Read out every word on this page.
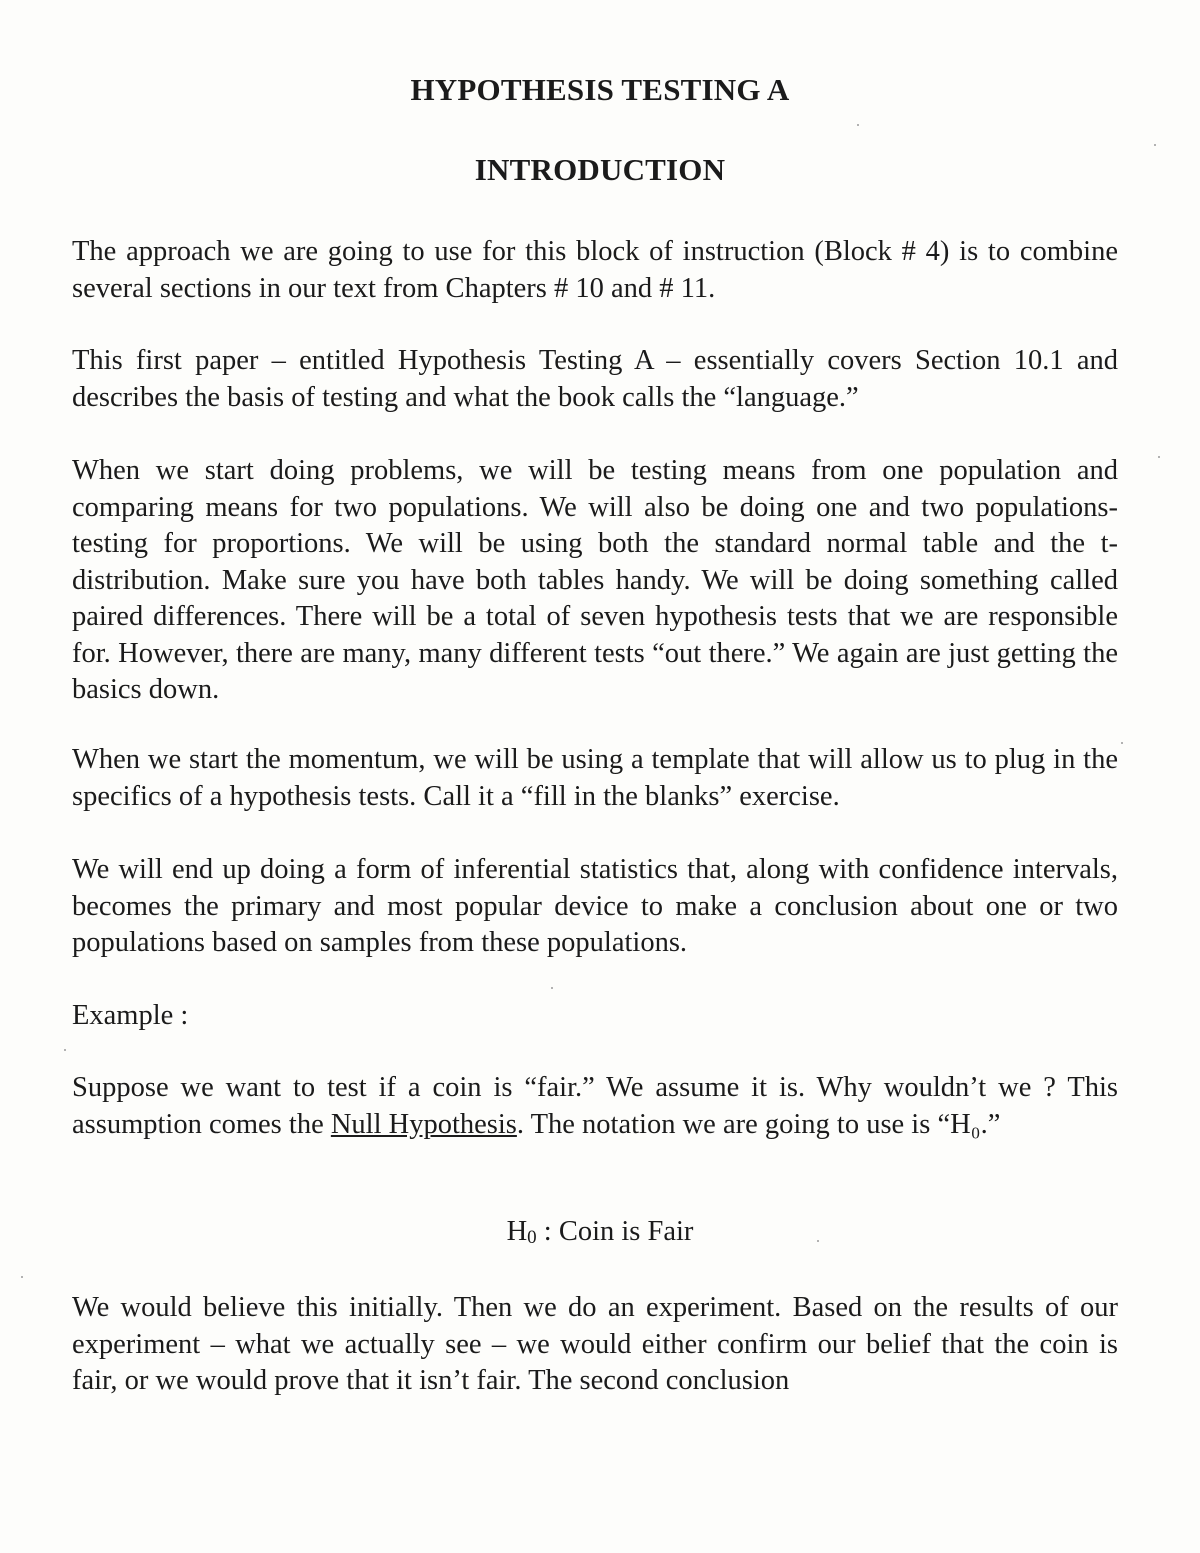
HYPOTHESIS TESTING A
INTRODUCTION
The approach we are going to use for this block of instruction (Block # 4) is to combine several sections in our text from Chapters # 10 and # 11.
This first paper – entitled Hypothesis Testing A – essentially covers Section 10.1 and describes the basis of testing and what the book calls the “language.”
When we start doing problems, we will be testing means from one population and comparing means for two populations. We will also be doing one and two populations-testing for proportions. We will be using both the standard normal table and the t-distribution. Make sure you have both tables handy. We will be doing something called paired differences. There will be a total of seven hypothesis tests that we are responsible for. However, there are many, many different tests “out there.” We again are just getting the basics down.
When we start the momentum, we will be using a template that will allow us to plug in the specifics of a hypothesis tests. Call it a “fill in the blanks” exercise.
We will end up doing a form of inferential statistics that, along with confidence intervals, becomes the primary and most popular device to make a conclusion about one or two populations based on samples from these populations.
Example :
Suppose we want to test if a coin is “fair.” We assume it is. Why wouldn’t we ? This assumption comes the Null Hypothesis. The notation we are going to use is “H₀.”
H0 : Coin is Fair
We would believe this initially. Then we do an experiment. Based on the results of our experiment – what we actually see – we would either confirm our belief that the coin is fair, or we would prove that it isn’t fair. The second conclusion
